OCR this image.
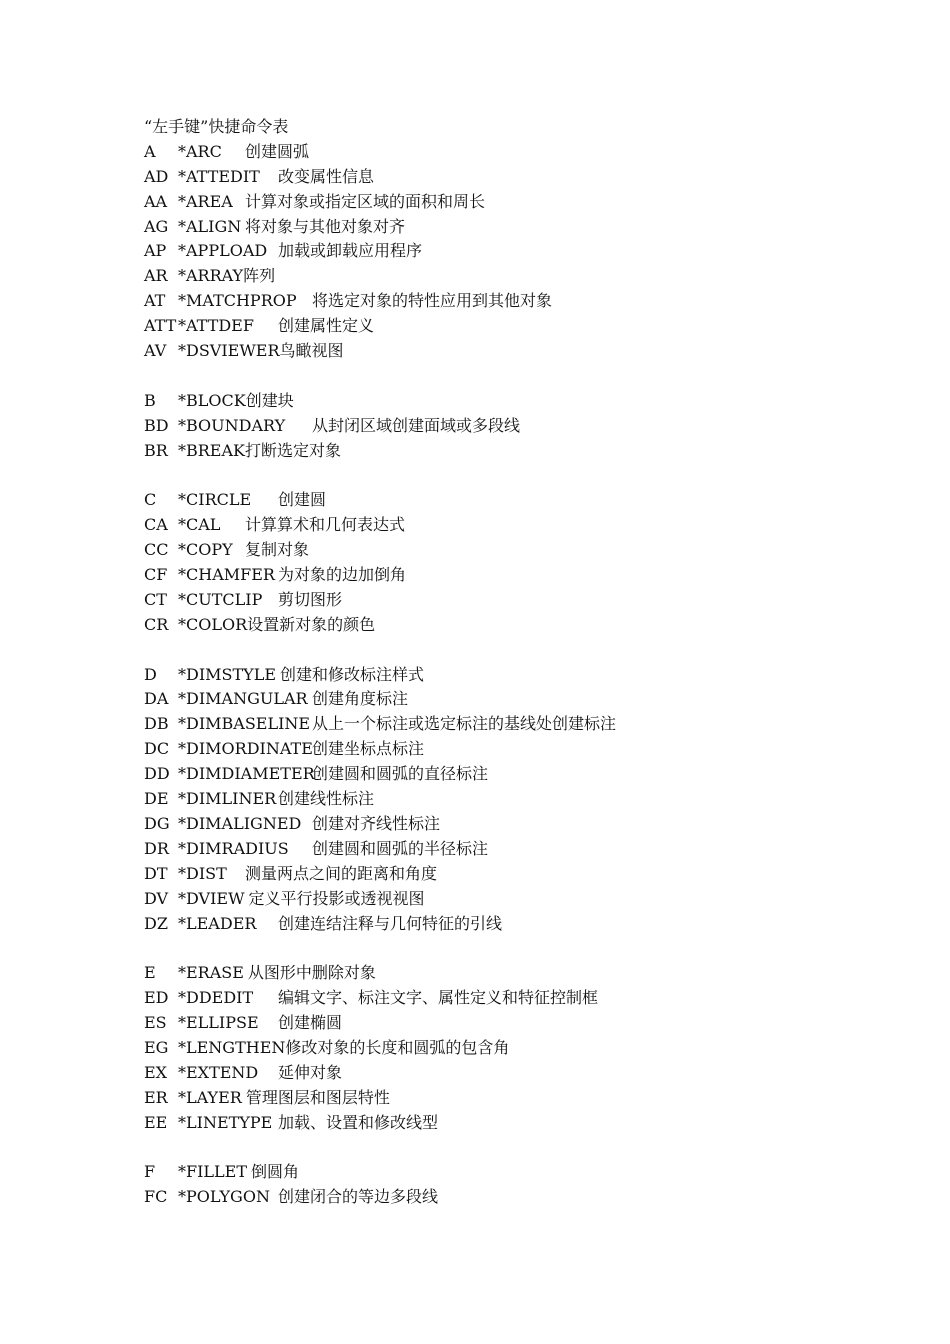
“左手键”快捷命令表
A *ARC 创建圆弧
AD *ATTEDIT 改变属性信息
AA *AREA 计算对象或指定区域的面积和周长
AG *ALIGN 将对象与其他对象对齐
AP *APPLOAD 加载或卸载应用程序
AR *ARRAY 阵列
AT *MATCHPROP 将选定对象的特性应用到其他对象
ATT *ATTDEF 创建属性定义
AV *DSVIEWER 鸟瞰视图
B *BLOCK 创建块
BD *BOUNDARY 从封闭区域创建面域或多段线
BR *BREAK 打断选定对象
C *CIRCLE 创建圆
CA *CAL 计算算术和几何表达式
CC *COPY 复制对象
CF *CHAMFER 为对象的边加倒角
CT *CUTCLIP 剪切图形
CR *COLOR 设置新对象的颜色
D *DIMSTYLE 创建和修改标注样式
DA *DIMANGULAR 创建角度标注
DB *DIMBASELINE 从上一个标注或选定标注的基线处创建标注
DC *DIMORDINATE 创建坐标点标注
DD *DIMDIAMETER
创建圆和圆弧的直径标注
DE *DIMLINER 创建线性标注
DG *DIMALIGNED 创建对齐线性标注
DR *DIMRADIUS 创建圆和圆弧的半径标注
DT *DIST 测量两点之间的距离和角度
DV *DVIEW 定义平行投影或透视视图
DZ *LEADER 创建连结注释与几何特征的引线
E *ERASE 从图形中删除对象
ED *DDEDIT 编辑文字、标注文字、属性定义和特征控制框
ES *ELLIPSE 创建椭圆
EG *LENGTHEN 修改对象的长度和圆弧的包含角
EX *EXTEND 延伸对象
ER *LAYER 管理图层和图层特性
EE *LINETYPE 加载、设置和修改线型
F *FILLET 倒圆角
FC *POLYGON 创建闭合的等边多段线
